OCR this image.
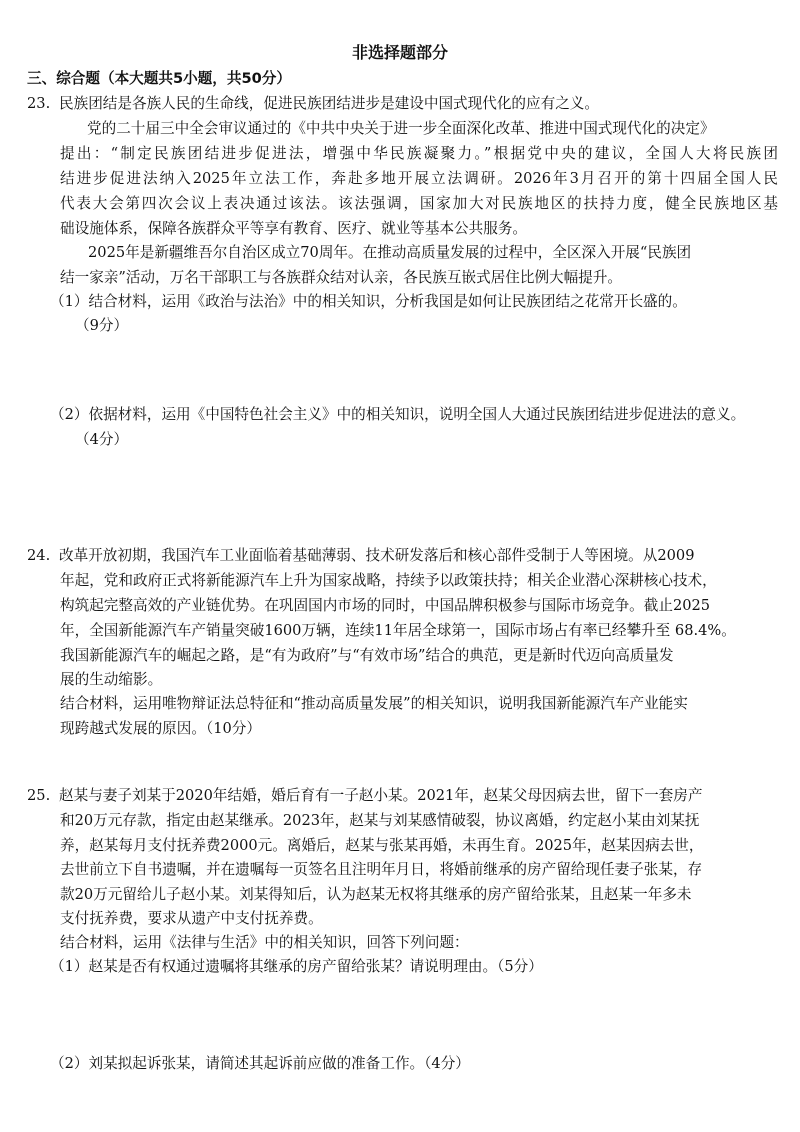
非选择题部分
三、综合题（本大题共5小题，共50分）
23. 民族团结是各族人民的生命线，促进民族团结进步是建设中国式现代化的应有之义。
党的二十届三中全会审议通过的《中共中央关于进一步全面深化改革、推进中国式现代化的决定》
提出：“制定民族团结进步促进法，增强中华民族凝聚力。”根据党中央的建议，全国人大将民族团
结进步促进法纳入2025年立法工作，奔赴多地开展立法调研。2026年3月召开的第十四届全国人民
代表大会第四次会议上表决通过该法。该法强调，国家加大对民族地区的扶持力度，健全民族地区基
础设施体系，保障各族群众平等享有教育、医疗、就业等基本公共服务。
2025年是新疆维吾尔自治区成立70周年。在推动高质量发展的过程中，全区深入开展“民族团
结一家亲”活动，万名干部职工与各族群众结对认亲，各民族互嵌式居住比例大幅提升。
（1）结合材料，运用《政治与法治》中的相关知识，分析我国是如何让民族团结之花常开长盛的。
（9分）
（2）依据材料，运用《中国特色社会主义》中的相关知识，说明全国人大通过民族团结进步促进法的意义。
（4分）
24. 改革开放初期，我国汽车工业面临着基础薄弱、技术研发落后和核心部件受制于人等困境。从2009
年起，党和政府正式将新能源汽车上升为国家战略，持续予以政策扶持；相关企业潜心深耕核心技术，
构筑起完整高效的产业链优势。在巩固国内市场的同时，中国品牌积极参与国际市场竞争。截止2025
年，全国新能源汽车产销量突破1600万辆，连续11年居全球第一，国际市场占有率已经攀升至 68.4%。
我国新能源汽车的崛起之路，是“有为政府”与“有效市场”结合的典范，更是新时代迈向高质量发
展的生动缩影。
结合材料，运用唯物辩证法总特征和“推动高质量发展”的相关知识，说明我国新能源汽车产业能实
现跨越式发展的原因。（10分）
25. 赵某与妻子刘某于2020年结婚，婚后育有一子赵小某。2021年，赵某父母因病去世，留下一套房产
和20万元存款，指定由赵某继承。2023年，赵某与刘某感情破裂，协议离婚，约定赵小某由刘某抚
养，赵某每月支付抚养费2000元。离婚后，赵某与张某再婚，未再生育。2025年，赵某因病去世，
去世前立下自书遗嘱，并在遗嘱每一页签名且注明年月日，将婚前继承的房产留给现任妻子张某，存
款20万元留给儿子赵小某。刘某得知后，认为赵某无权将其继承的房产留给张某，且赵某一年多未
支付抚养费，要求从遗产中支付抚养费。
结合材料，运用《法律与生活》中的相关知识，回答下列问题：
（1）赵某是否有权通过遗嘱将其继承的房产留给张某？请说明理由。（5分）
（2）刘某拟起诉张某，请简述其起诉前应做的准备工作。（4分）
